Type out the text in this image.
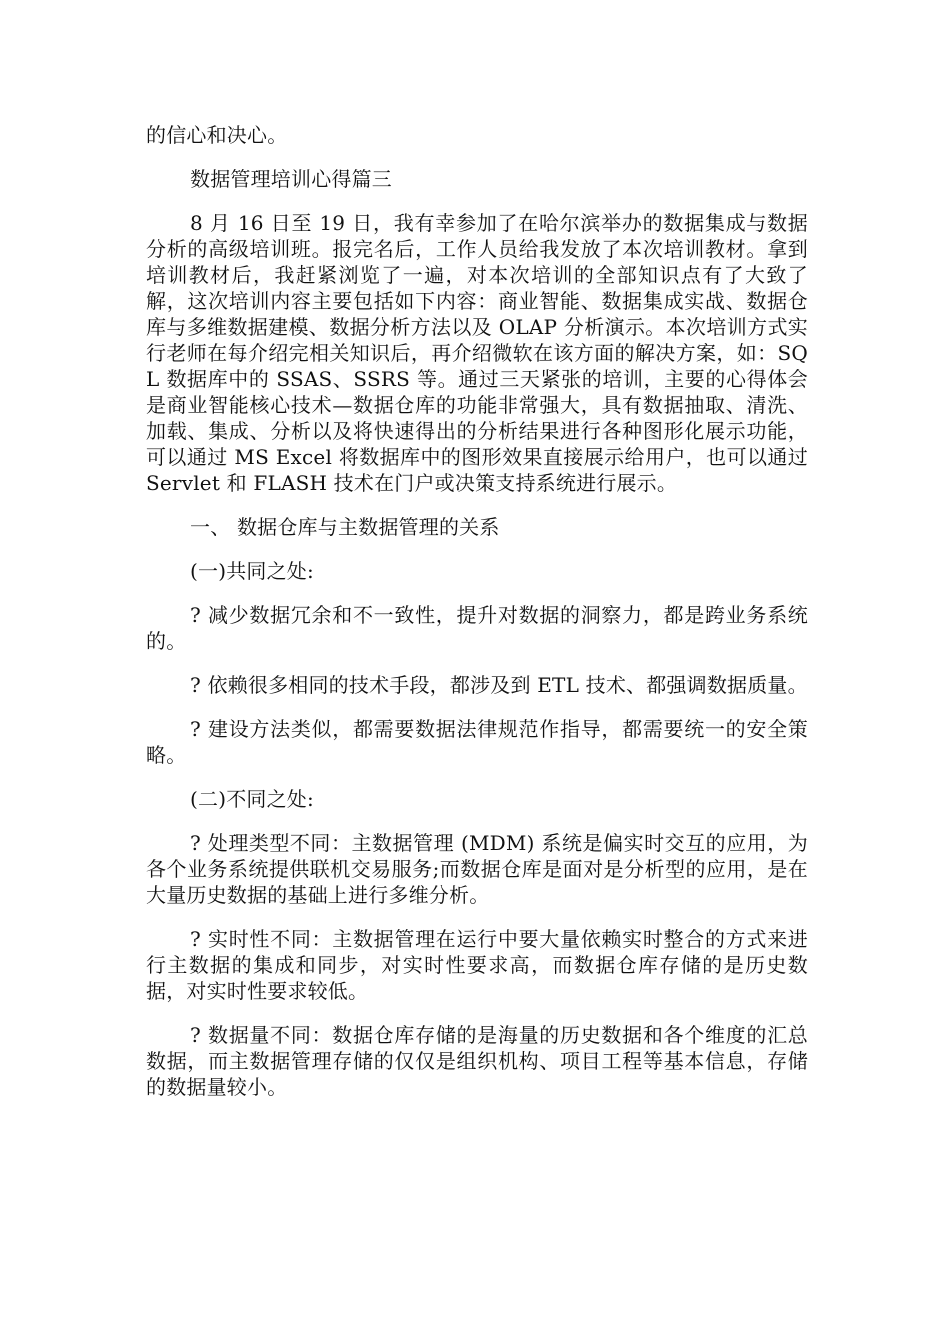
的信心和决心。

数据管理培训心得篇三

8 月 16 日至 19 日，我有幸参加了在哈尔滨举办的数据集成与数据分析的高级培训班。报完名后，工作人员给我发放了本次培训教材。拿到培训教材后，我赶紧浏览了一遍，对本次培训的全部知识点有了大致了解，这次培训内容主要包括如下内容：商业智能、数据集成实战、数据仓库与多维数据建模、数据分析方法以及 OLAP 分析演示。本次培训方式实行老师在每介绍完相关知识后，再介绍微软在该方面的解决方案，如：SQL 数据库中的 SSAS、SSRS 等。通过三天紧张的培训，主要的心得体会是商业智能核心技术—数据仓库的功能非常强大，具有数据抽取、清洗、加载、集成、分析以及将快速得出的分析结果进行各种图形化展示功能，可以通过 MS Excel 将数据库中的图形效果直接展示给用户，也可以通过 Servlet 和 FLASH 技术在门户或决策支持系统进行展示。

一、 数据仓库与主数据管理的关系

(一)共同之处:

? 减少数据冗余和不一致性，提升对数据的洞察力，都是跨业务系统的。

? 依赖很多相同的技术手段，都涉及到 ETL 技术、都强调数据质量。

? 建设方法类似，都需要数据法律规范作指导，都需要统一的安全策略。

(二)不同之处:

? 处理类型不同：主数据管理 (MDM) 系统是偏实时交互的应用，为各个业务系统提供联机交易服务;而数据仓库是面对是分析型的应用，是在大量历史数据的基础上进行多维分析。

? 实时性不同：主数据管理在运行中要大量依赖实时整合的方式来进行主数据的集成和同步，对实时性要求高，而数据仓库存储的是历史数据，对实时性要求较低。

? 数据量不同：数据仓库存储的是海量的历史数据和各个维度的汇总数据，而主数据管理存储的仅仅是组织机构、项目工程等基本信息，存储的数据量较小。
